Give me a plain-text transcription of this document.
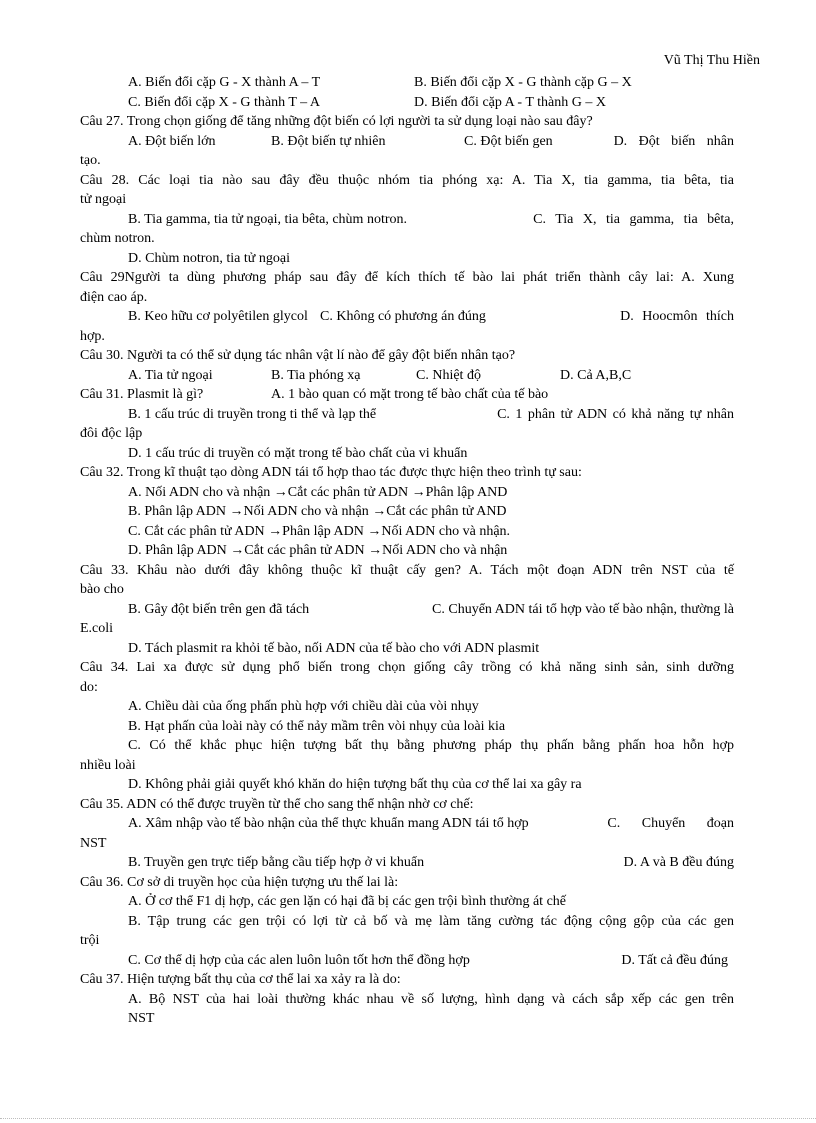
Vũ Thị Thu Hiền
A. Biến đổi cặp G - X thành A – T	B. Biến đổi cặp X - G thành cặp G – X
C. Biến đổi cặp X - G thành T – A	D. Biến đổi cặp A - T thành G – X
Câu 27. Trong chọn giống để tăng những đột biến có lợi người ta sử dụng loại nào sau đây?
A. Đột biến lớn	B. Đột biến tự nhiên	C. Đột biến gen	D. Đột biến nhân
tạo.
Câu 28. Các loại tia nào sau đây đều thuộc nhóm tia phóng xạ: A. Tia X, tia gamma, tia bêta, tia
tử ngoại
B. Tia gamma, tia tử ngoại, tia bêta, chùm notron.	C. Tia X, tia gamma, tia bêta,
chùm notron.
D. Chùm notron, tia tử ngoại
Câu 29Người ta dùng phương pháp sau đây để kích thích tế bào lai phát triển thành cây lai: A. Xung
điện cao áp.
B. Keo hữu cơ polyêtilen glycol C. Không có phương án đúng	D. Hoocmôn thích
hợp.
Câu 30. Người ta có thể sử dụng tác nhân vật lí nào để gây đột biến nhân tạo?
A. Tia tử ngoại	B. Tia phóng xạ	C. Nhiệt độ	D. Cả A,B,C
Câu 31. Plasmit là gì?	A. 1 bào quan có mặt trong tế bào chất của tế bào
B. 1 cấu trúc di truyền trong ti thể và lạp thể	C. 1 phân tử ADN có khả năng tự nhân
đôi độc lập
D. 1 cấu trúc di truyền có mặt trong tế bào chất của vi khuẩn
Câu 32. Trong kĩ thuật tạo dòng ADN tái tổ hợp thao tác được thực hiện theo trình tự sau:
A. Nối ADN cho và nhận →Cắt các phân tử ADN →Phân lập AND
B. Phân lập ADN →Nối ADN cho và nhận →Cắt các phân tử AND
C. Cắt các phân tử ADN →Phân lập ADN →Nối ADN cho và nhận.
D. Phân lập ADN →Cắt các phân tử ADN →Nối ADN cho và nhận
Câu 33. Khâu nào dưới đây không thuộc kĩ thuật cấy gen? A. Tách một đoạn ADN trên NST của tế
bào cho
B. Gây đột biến trên gen đã tách	C. Chuyển ADN tái tổ hợp vào tế bào nhận, thường là
E.coli
D. Tách plasmit ra khỏi tế bào, nối ADN của tế bào cho với ADN plasmit
Câu 34. Lai xa được sử dụng phổ biến trong chọn giống cây trồng có khả năng sinh sản, sinh dưỡng
do:
A. Chiều dài của ống phấn phù hợp với chiều dài của vòi nhụy
B. Hạt phấn của loài này có thể nảy mầm trên vòi nhụy của loài kia
C. Có thể khắc phục hiện tượng bất thụ bằng phương pháp thụ phấn bằng phấn hoa hỗn hợp
nhiều loài
D. Không phải giải quyết khó khăn do hiện tượng bất thụ của cơ thể lai xa gây ra
Câu 35. ADN có thể được truyền từ thể cho sang thể nhận nhờ cơ chế:
A. Xâm nhập vào tế bào nhận của thể thực khuẩn mang ADN tái tổ hợp	C. Chuyển đoạn
NST
B. Truyền gen trực tiếp bằng cầu tiếp hợp ở vi khuẩn	D. A và B đều đúng
Câu 36. Cơ sở di truyền học của hiện tượng ưu thế lai là:
A. Ở cơ thể F1 dị hợp, các gen lặn có hại đã bị các gen trội bình thường át chế
B. Tập trung các gen trội có lợi từ cả bố và mẹ làm tăng cường tác động cộng gộp của các gen
trội
C. Cơ thể dị hợp của các alen luôn luôn tốt hơn thể đồng hợp	D. Tất cả đều đúng
Câu 37. Hiện tượng bất thụ của cơ thể lai xa xảy ra là do:
A. Bộ NST của hai loài thường khác nhau về số lượng, hình dạng và cách sắp xếp các gen trên
NST
